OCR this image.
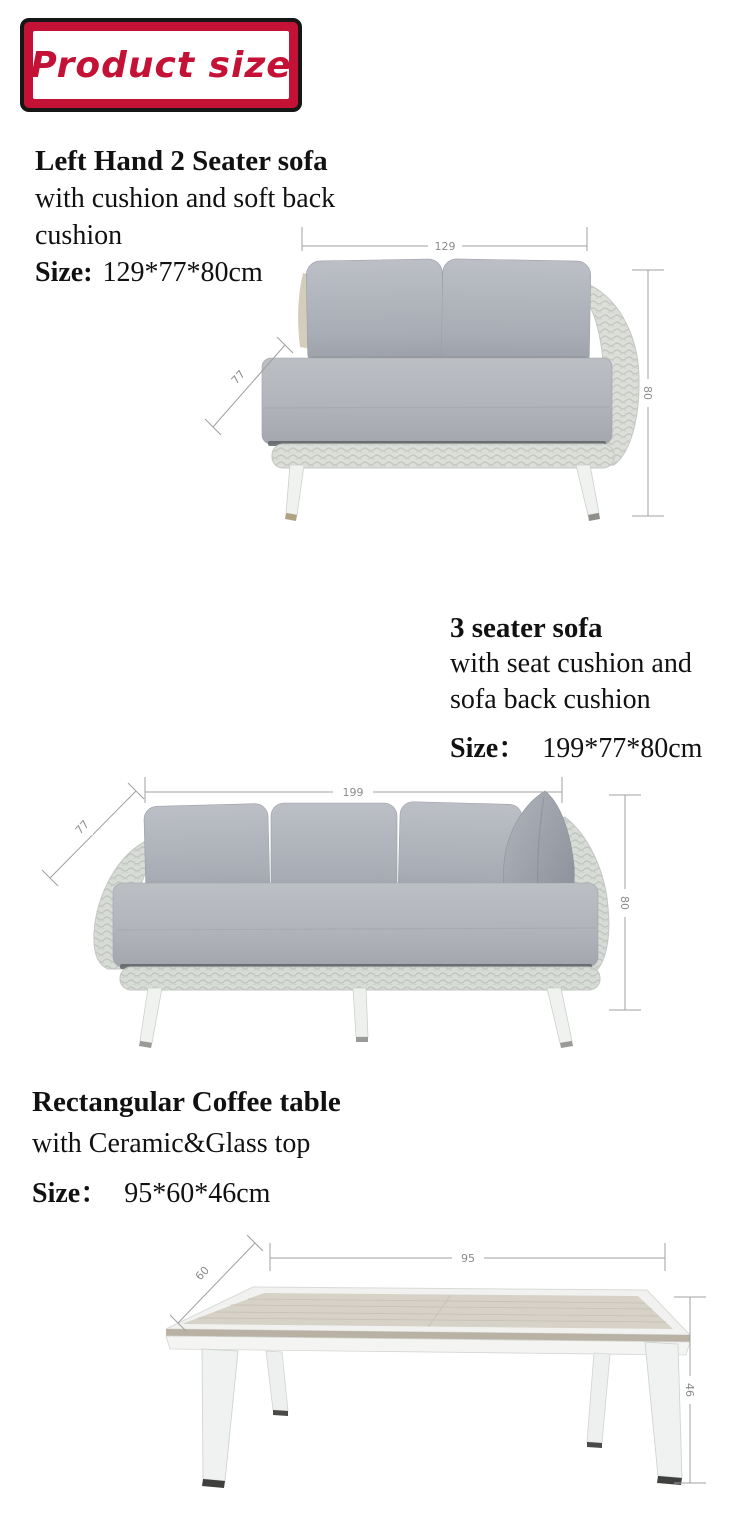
Product size
Left Hand 2 Seater sofa
with cushion and soft back
cushion
Size: 129*77*80cm
129
77
80
3 seater sofa
with seat cushion and
sofa back cushion
Size： 199*77*80cm
199
77
80
Rectangular Coffee table
with Ceramic&Glass top
Size： 95*60*46cm
95
60
46
